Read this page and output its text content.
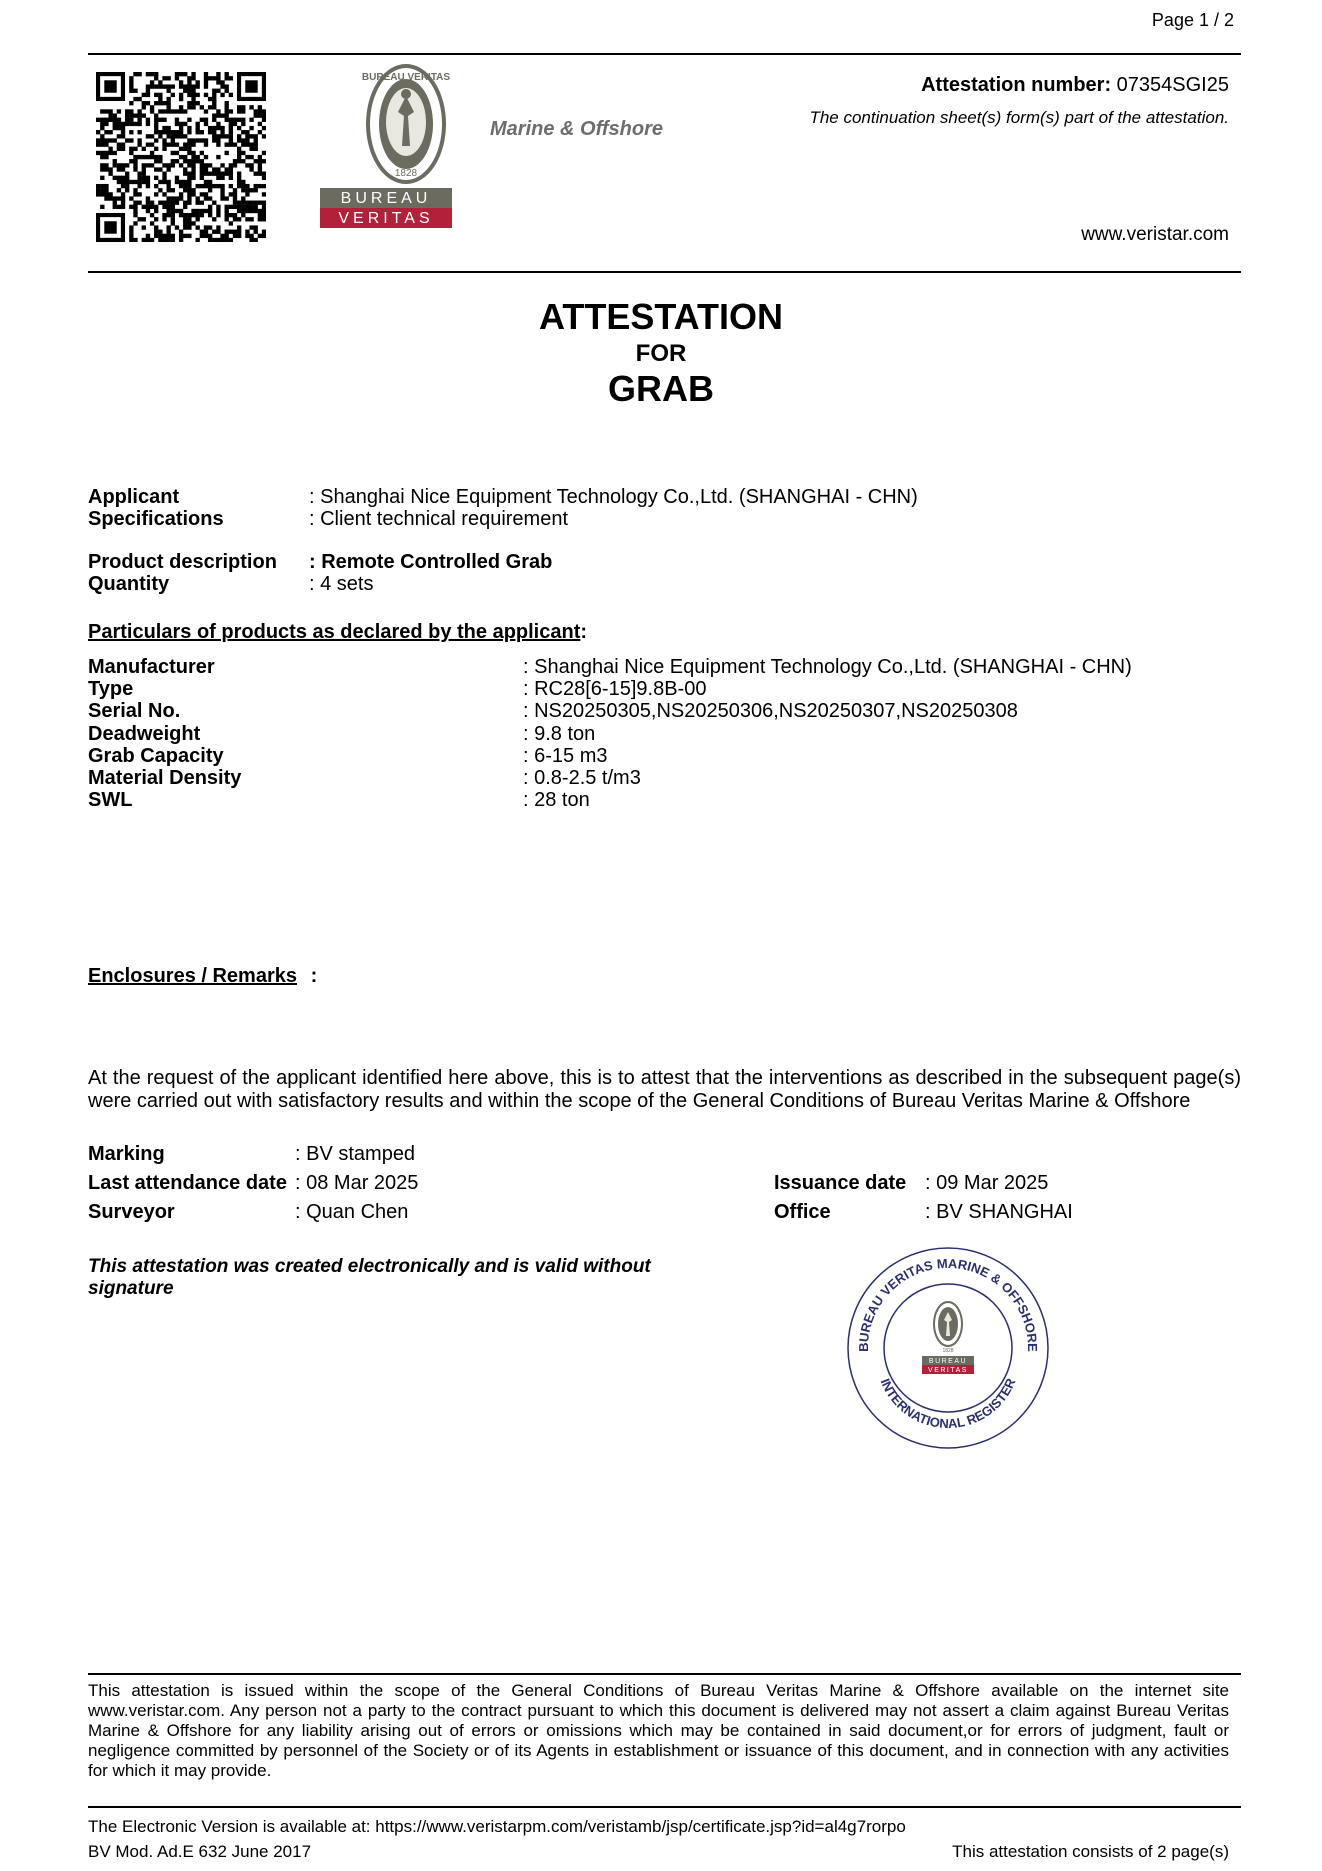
Page 1 / 2
BUREAU VERITAS
1828
BUREAU
VERITAS
Marine & Offshore
Attestation number: 07354SGI25
The continuation sheet(s) form(s) part of the attestation.
www.veristar.com
ATTESTATION
FOR
GRAB
Applicant	: Shanghai Nice Equipment Technology Co.,Ltd. (SHANGHAI - CHN)
Specifications	: Client technical requirement
Product description : Remote Controlled Grab
Quantity	: 4 sets
Particulars of products as declared by the applicant:
Manufacturer	: Shanghai Nice Equipment Technology Co.,Ltd. (SHANGHAI - CHN)
Type	: RC28[6-15]9.8B-00
Serial No.	: NS20250305,NS20250306,NS20250307,NS20250308
Deadweight	: 9.8 ton
Grab Capacity	: 6-15 m3
Material Density	: 0.8-2.5 t/m3
SWL	: 28 ton
Enclosures / Remarks :
At the request of the applicant identified here above, this is to attest that the interventions as described in the subsequent page(s) were carried out with satisfactory results and within the scope of the General Conditions of Bureau Veritas Marine & Offshore
Marking	: BV stamped
Last attendance date : 08 Mar 2025
Surveyor	: Quan Chen
Issuance date : 09 Mar 2025
Office	: BV SHANGHAI
This attestation was created electronically and is valid without signature
BUREAU VERITAS MARINE & OFFSHORE
INTERNATIONAL REGISTER
1828
BUREAU
VERITAS
This attestation is issued within the scope of the General Conditions of Bureau Veritas Marine & Offshore available on the internet site www.veristar.com. Any person not a party to the contract pursuant to which this document is delivered may not assert a claim against Bureau Veritas Marine & Offshore for any liability arising out of errors or omissions which may be contained in said document,or for errors of judgment, fault or negligence committed by personnel of the Society or of its Agents in establishment or issuance of this document, and in connection with any activities for which it may provide.
The Electronic Version is available at: https://www.veristarpm.com/veristamb/jsp/certificate.jsp?id=al4g7rorpo
BV Mod. Ad.E 632 June 2017	This attestation consists of 2 page(s)
